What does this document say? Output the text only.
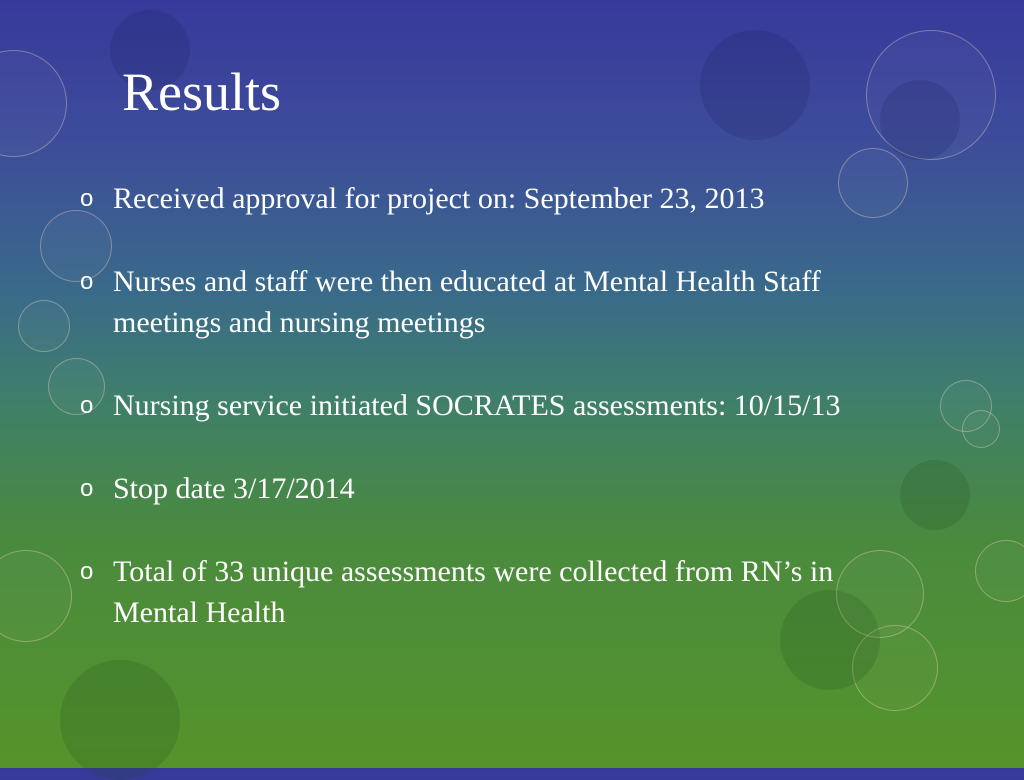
Results
o Received approval for project on: September 23, 2013
o Nurses and staff were then educated at Mental Health Staff meetings and nursing meetings
o Nursing service initiated SOCRATES assessments: 10/15/13
o Stop date 3/17/2014
o Total of 33 unique assessments were collected from RN’s in Mental Health
